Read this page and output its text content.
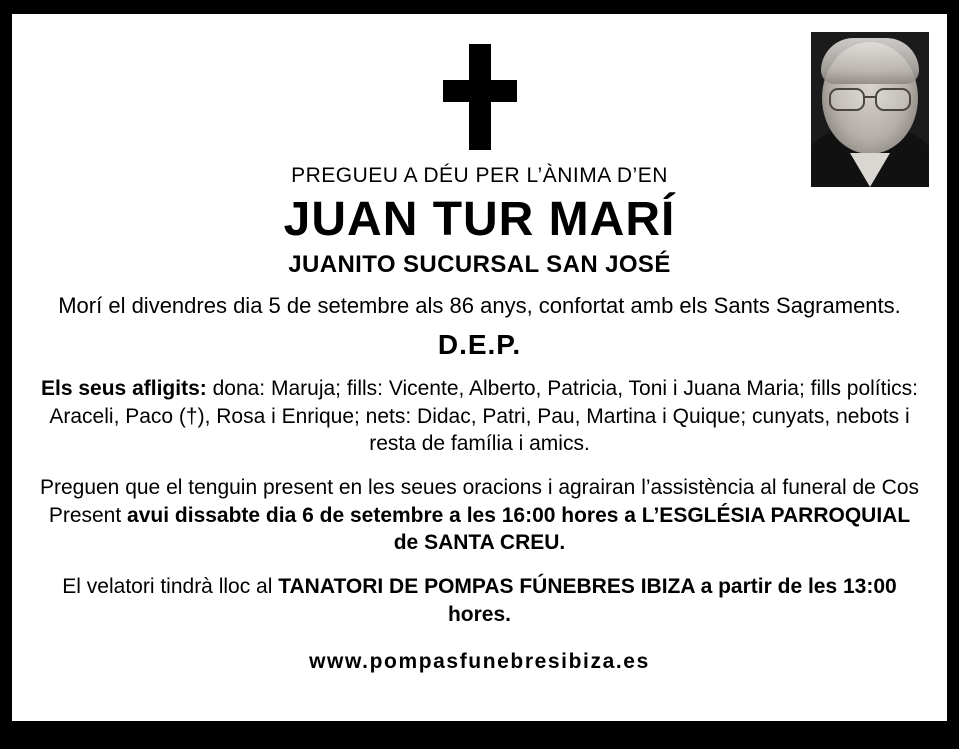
PREGUEU A DÉU PER L’ÀNIMA D’EN
JUAN TUR MARÍ
JUANITO SUCURSAL SAN JOSÉ
Morí el divendres dia 5 de setembre als 86 anys, confortat amb els Sants Sagraments.
D.E.P.
Els seus afligits: dona: Maruja; fills: Vicente, Alberto, Patricia, Toni i Juana Maria; fills polítics: Araceli, Paco (†), Rosa i Enrique; nets: Didac, Patri, Pau, Martina i Quique; cunyats, nebots i resta de família i amics.
Preguen que el tenguin present en les seues oracions i agrairan l’assistència al funeral de Cos Present avui dissabte dia 6 de setembre a les 16:00 hores a L’ESGLÉSIA PARROQUIAL de SANTA CREU.
El velatori tindrà lloc al TANATORI DE POMPAS FÚNEBRES IBIZA a partir de les 13:00 hores.
www.pompasfunebresibiza.es
